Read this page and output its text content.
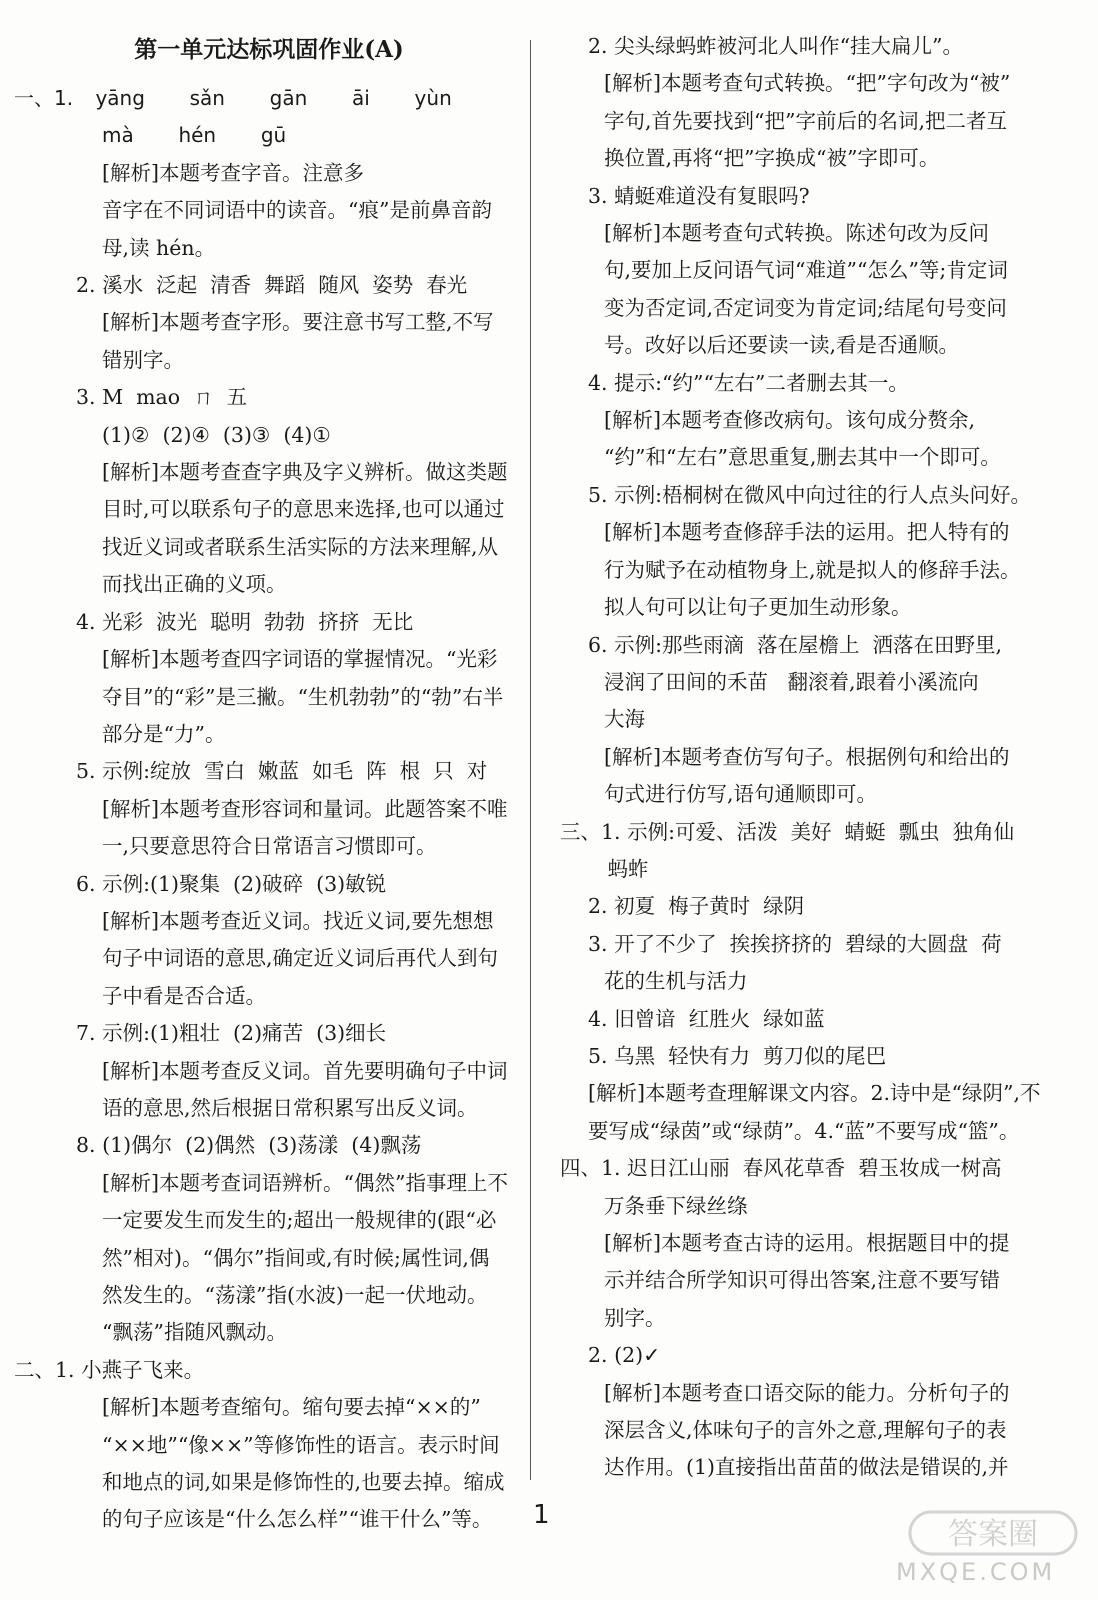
第一单元达标巩固作业(A)
一、1. yāng  sǎn  gān  āi  yùn
mà  hén  gū
[解析]本题考查字音。注意多
音字在不同词语中的读音。“痕”是前鼻音韵
母,读 hén。
2. 溪水  泛起  清香  舞蹈  随风  姿势  春光
[解析]本题考查字形。要注意书写工整,不写
错别字。
3. M  mao  ㄇ  五
(1)②  (2)④  (3)③  (4)①
[解析]本题考查查字典及字义辨析。做这类题
目时,可以联系句子的意思来选择,也可以通过
找近义词或者联系生活实际的方法来理解,从
而找出正确的义项。
4. 光彩  波光  聪明  勃勃  挤挤  无比
[解析]本题考查四字词语的掌握情况。“光彩
夺目”的“彩”是三撇。“生机勃勃”的“勃”右半
部分是“力”。
5. 示例:绽放  雪白  嫩蓝  如毛  阵  根  只  对
[解析]本题考查形容词和量词。此题答案不唯
一,只要意思符合日常语言习惯即可。
6. 示例:(1)聚集  (2)破碎  (3)敏锐
[解析]本题考查近义词。找近义词,要先想想
句子中词语的意思,确定近义词后再代人到句
子中看是否合适。
7. 示例:(1)粗壮  (2)痛苦  (3)细长
[解析]本题考查反义词。首先要明确句子中词
语的意思,然后根据日常积累写出反义词。
8. (1)偶尔  (2)偶然  (3)荡漾  (4)飘荡
[解析]本题考查词语辨析。“偶然”指事理上不
一定要发生而发生的;超出一般规律的(跟“必
然”相对)。“偶尔”指间或,有时候;属性词,偶
然发生的。“荡漾”指(水波)一起一伏地动。
“飘荡”指随风飘动。
二、1. 小燕子飞来。
[解析]本题考查缩句。缩句要去掉“××的”
“××地”“像××”等修饰性的语言。表示时间
和地点的词,如果是修饰性的,也要去掉。缩成
的句子应该是“什么怎么样”“谁干什么”等。
2. 尖头绿蚂蚱被河北人叫作“挂大扁儿”。
[解析]本题考查句式转换。“把”字句改为“被”
字句,首先要找到“把”字前后的名词,把二者互
换位置,再将“把”字换成“被”字即可。
3. 蜻蜓难道没有复眼吗?
[解析]本题考查句式转换。陈述句改为反问
句,要加上反问语气词“难道”“怎么”等;肯定词
变为否定词,否定词变为肯定词;结尾句号变问
号。改好以后还要读一读,看是否通顺。
4. 提示:“约”“左右”二者删去其一。
[解析]本题考查修改病句。该句成分赘余,
“约”和“左右”意思重复,删去其中一个即可。
5. 示例:梧桐树在微风中向过往的行人点头问好。
[解析]本题考查修辞手法的运用。把人特有的
行为赋予在动植物身上,就是拟人的修辞手法。
拟人句可以让句子更加生动形象。
6. 示例:那些雨滴  落在屋檐上  洒落在田野里,
浸润了田间的禾苗   翻滚着,跟着小溪流向
大海
[解析]本题考查仿写句子。根据例句和给出的
句式进行仿写,语句通顺即可。
三、1. 示例:可爱、活泼  美好  蜻蜓  瓢虫  独角仙
蚂蚱
2. 初夏  梅子黄时  绿阴
3. 开了不少了  挨挨挤挤的  碧绿的大圆盘  荷
花的生机与活力
4. 旧曾谙  红胜火  绿如蓝
5. 乌黑  轻快有力  剪刀似的尾巴
[解析]本题考查理解课文内容。2.诗中是“绿阴”,不
要写成“绿茵”或“绿荫”。4.“蓝”不要写成“篮”。
四、1. 迟日江山丽  春风花草香  碧玉妆成一树高
万条垂下绿丝绦
[解析]本题考查古诗的运用。根据题目中的提
示并结合所学知识可得出答案,注意不要写错
别字。
2. (2)✓
[解析]本题考查口语交际的能力。分析句子的
深层含义,体味句子的言外之意,理解句子的表
达作用。(1)直接指出苗苗的做法是错误的,并
1
答案圈
MXQE.COM
